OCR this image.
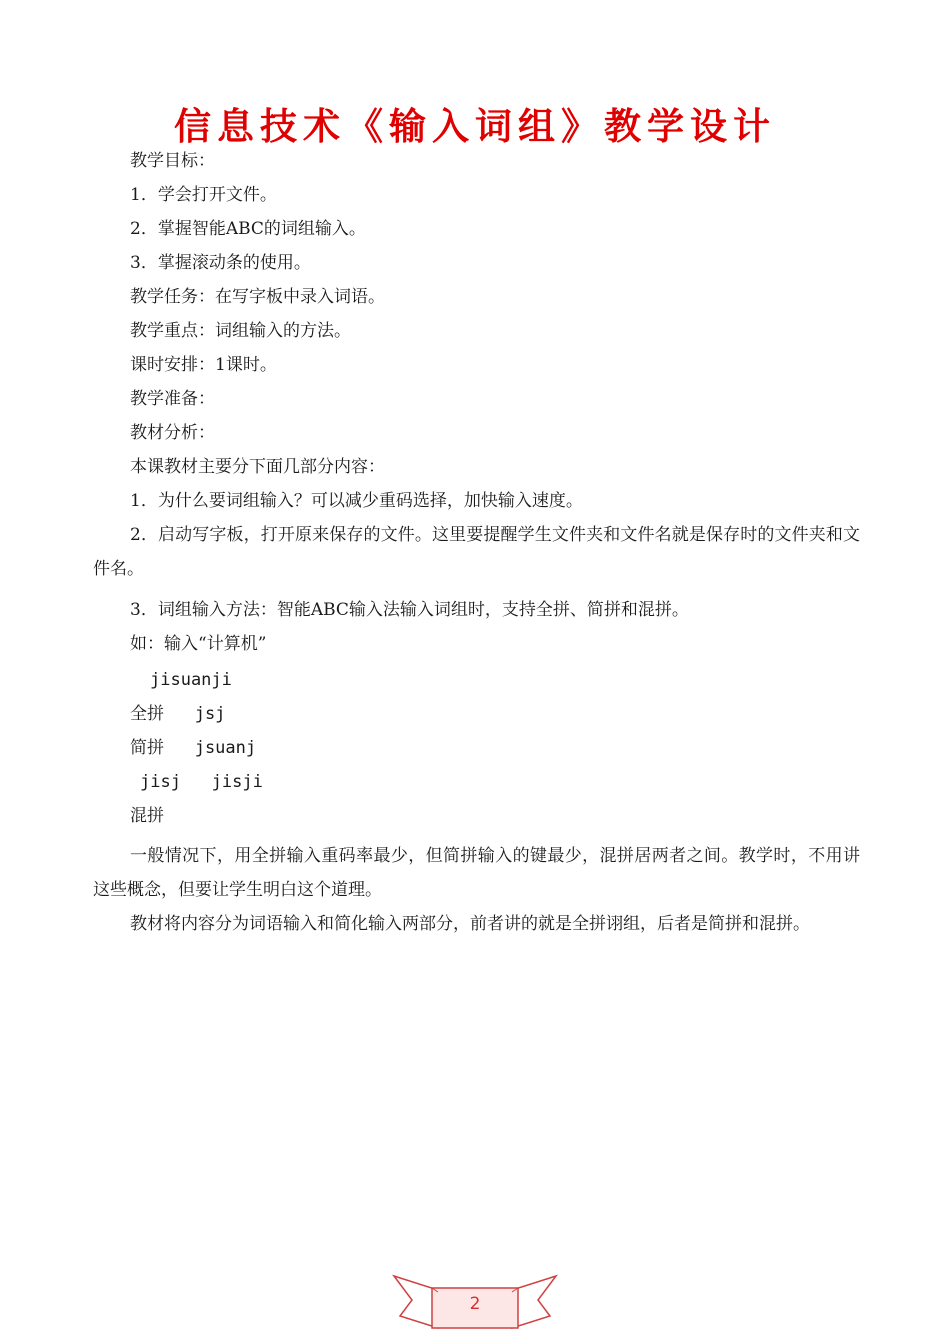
信息技术《输入词组》教学设计
教学目标：
1．学会打开文件。
2．掌握智能ABC的词组输入。
3．掌握滚动条的使用。
教学任务：在写字板中录入词语。
教学重点：词组输入的方法。
课时安排：1课时。
教学准备：
教材分析：
本课教材主要分下面几部分内容：
1．为什么要词组输入？可以减少重码选择，加快输入速度。

2．启动写字板，打开原来保存的文件。这里要提醒学生文件夹和文件名就是保存时的文件夹和文件名。

3．词组输入方法：智能ABC输入法输入词组时，支持全拼、简拼和混拼。
如：输入“计算机”
jisuanji
全拼   jsj
简拼   jsuanj
jisj   jisji
混拼

一般情况下，用全拼输入重码率最少，但简拼输入的键最少，混拼居两者之间。教学时，不用讲这些概念，但要让学生明白这个道理。

教材将内容分为词语输入和简化输入两部分，前者讲的就是全拼诩组，后者是简拼和混拼。

2
